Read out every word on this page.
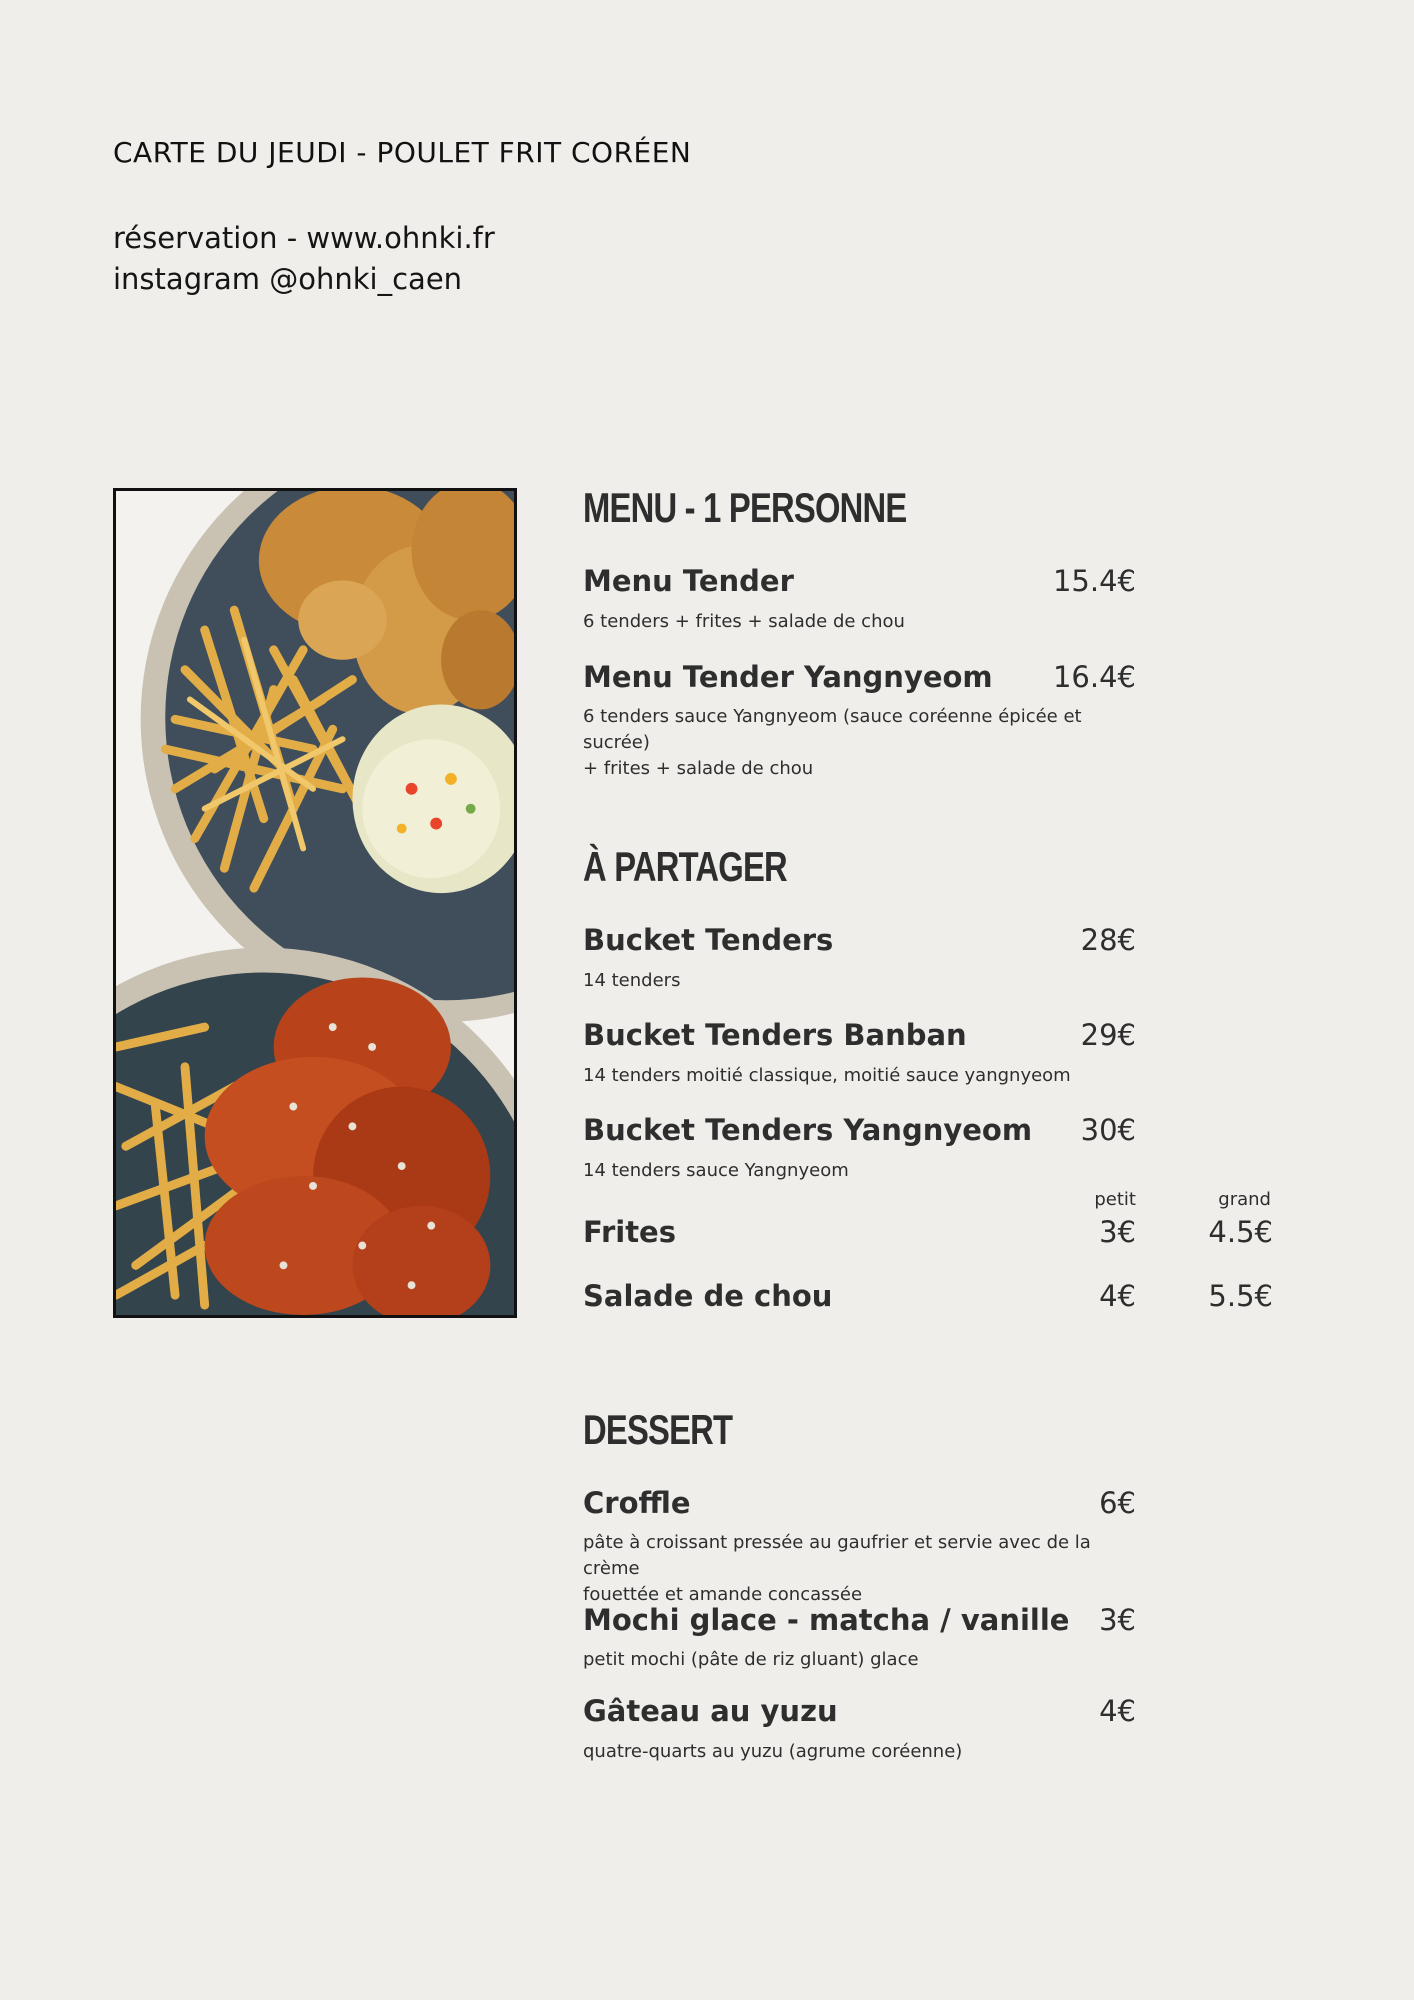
CARTE DU JEUDI - POULET FRIT CORÉEN
réservation - www.ohnki.fr
instagram @ohnki_caen
MENU - 1 PERSONNE
Menu Tender	15.4€
6 tenders + frites + salade de chou
Menu Tender Yangnyeom 16.4€
6 tenders sauce Yangnyeom (sauce coréenne épicée et sucrée)
+ frites + salade de chou
À PARTAGER
Bucket Tenders	28€
14 tenders
Bucket Tenders Banban	29€
14 tenders moitié classique, moitié sauce yangnyeom
Bucket Tenders Yangnyeom 30€
14 tenders sauce Yangnyeom
petit	grand
Frites	3€ 4.5€
Salade de chou	4€ 5.5€
DESSERT
Croffle	6€
pâte à croissant pressée au gaufrier et servie avec de la crème
fouettée et amande concassée
Mochi glace - matcha / vanille 3€
petit mochi (pâte de riz gluant) glace
Gâteau au yuzu	4€
quatre-quarts au yuzu (agrume coréenne)
